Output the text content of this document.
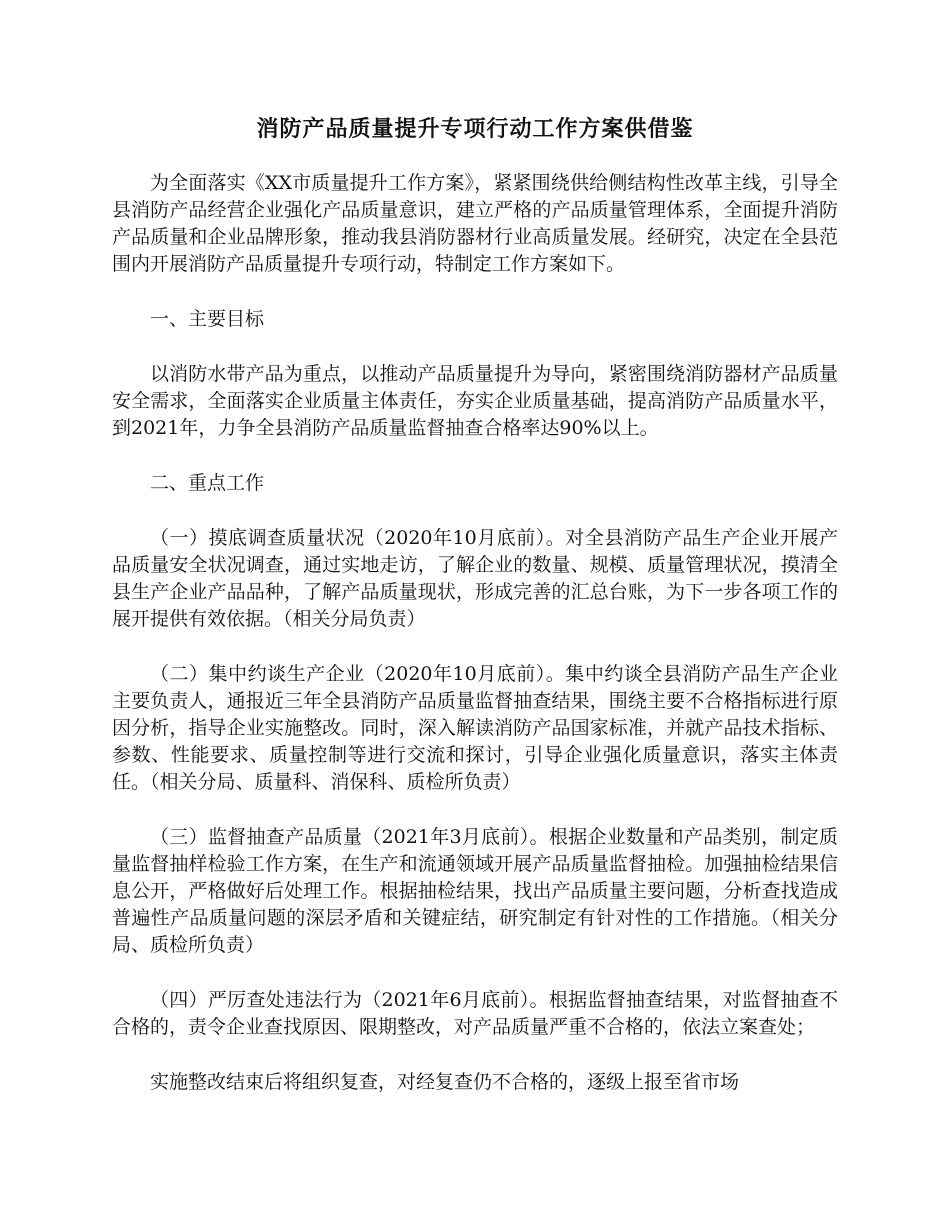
消防产品质量提升专项行动工作方案供借鉴

为全面落实《XX市质量提升工作方案》，紧紧围绕供给侧结构性改革主线，引导全县消防产品经营企业强化产品质量意识，建立严格的产品质量管理体系，全面提升消防产品质量和企业品牌形象，推动我县消防器材行业高质量发展。经研究，决定在全县范围内开展消防产品质量提升专项行动，特制定工作方案如下。

一、主要目标

以消防水带产品为重点，以推动产品质量提升为导向，紧密围绕消防器材产品质量安全需求，全面落实企业质量主体责任，夯实企业质量基础，提高消防产品质量水平，到2021年，力争全县消防产品质量监督抽查合格率达90%以上。

二、重点工作

（一）摸底调查质量状况（2020年10月底前）。对全县消防产品生产企业开展产品质量安全状况调查，通过实地走访，了解企业的数量、规模、质量管理状况，摸清全县生产企业产品品种，了解产品质量现状，形成完善的汇总台账，为下一步各项工作的展开提供有效依据。（相关分局负责）

（二）集中约谈生产企业（2020年10月底前）。集中约谈全县消防产品生产企业主要负责人，通报近三年全县消防产品质量监督抽查结果，围绕主要不合格指标进行原因分析，指导企业实施整改。同时，深入解读消防产品国家标准，并就产品技术指标、参数、性能要求、质量控制等进行交流和探讨，引导企业强化质量意识，落实主体责任。（相关分局、质量科、消保科、质检所负责）

（三）监督抽查产品质量（2021年3月底前）。根据企业数量和产品类别，制定质量监督抽样检验工作方案，在生产和流通领域开展产品质量监督抽检。加强抽检结果信息公开，严格做好后处理工作。根据抽检结果，找出产品质量主要问题，分析查找造成普遍性产品质量问题的深层矛盾和关键症结，研究制定有针对性的工作措施。（相关分局、质检所负责）

（四）严厉查处违法行为（2021年6月底前）。根据监督抽查结果，对监督抽查不合格的，责令企业查找原因、限期整改，对产品质量严重不合格的，依法立案查处；

实施整改结束后将组织复查，对经复查仍不合格的，逐级上报至省市场
